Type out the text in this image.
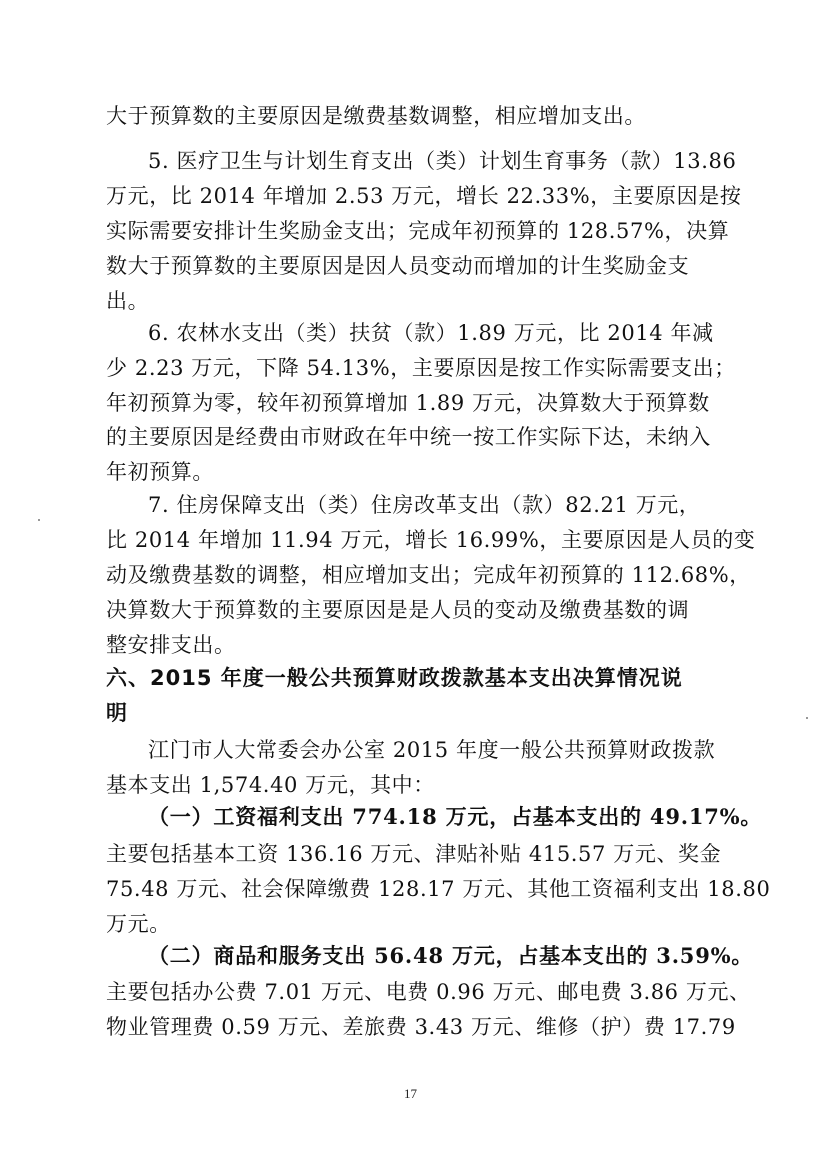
大于预算数的主要原因是缴费基数调整，相应增加支出。
5. 医疗卫生与计划生育支出（类）计划生育事务（款）13.86
万元，比 2014 年增加 2.53 万元，增长 22.33%，主要原因是按
实际需要安排计生奖励金支出；完成年初预算的 128.57%，决算
数大于预算数的主要原因是因人员变动而增加的计生奖励金支
出。
6. 农林水支出（类）扶贫（款）1.89 万元，比 2014 年减
少 2.23 万元，下降 54.13%，主要原因是按工作实际需要支出；
年初预算为零，较年初预算增加 1.89 万元，决算数大于预算数
的主要原因是经费由市财政在年中统一按工作实际下达，未纳入
年初预算。
7. 住房保障支出（类）住房改革支出（款）82.21 万元，
比 2014 年增加 11.94 万元，增长 16.99%，主要原因是人员的变
动及缴费基数的调整，相应增加支出；完成年初预算的 112.68%，
决算数大于预算数的主要原因是是人员的变动及缴费基数的调
整安排支出。
六、2015 年度一般公共预算财政拨款基本支出决算情况说
明
江门市人大常委会办公室 2015 年度一般公共预算财政拨款
基本支出 1,574.40 万元，其中：
（一）工资福利支出 774.18 万元，占基本支出的 49.17%。
主要包括基本工资 136.16 万元、津贴补贴 415.57 万元、奖金
75.48 万元、社会保障缴费 128.17 万元、其他工资福利支出 18.80
万元。
（二）商品和服务支出 56.48 万元，占基本支出的 3.59%。
主要包括办公费 7.01 万元、电费 0.96 万元、邮电费 3.86 万元、
物业管理费 0.59 万元、差旅费 3.43 万元、维修（护）费 17.79
17
